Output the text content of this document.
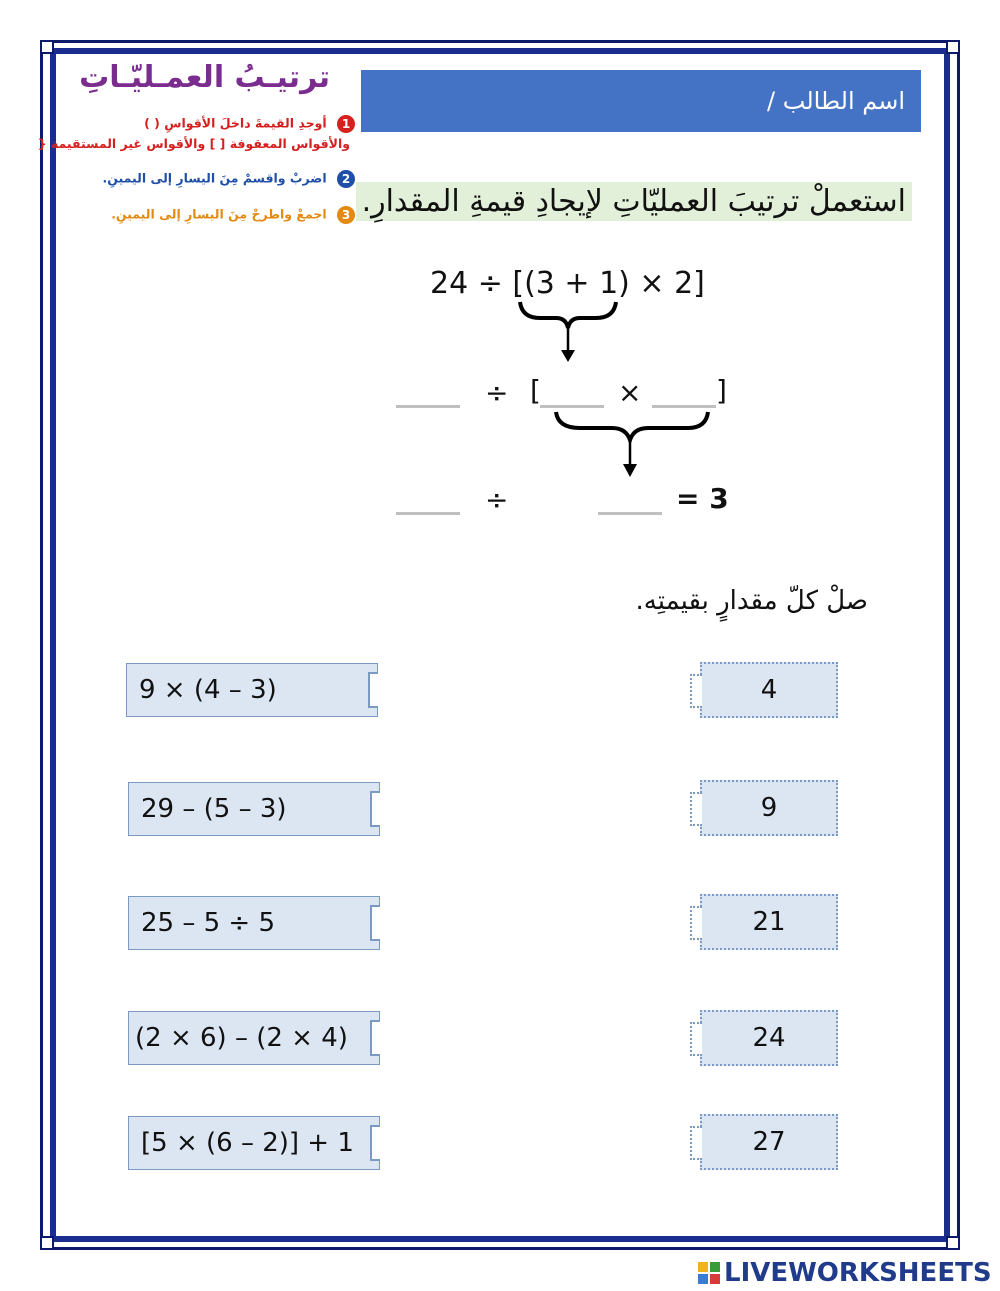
ترتيـبُ العمـليّـاتِ
1 أوجدِ القيمةَ داخلَ الأقواسِ ( )
والأقواس المعقوفة [ ] والأقواس غير المستقيمة {
2 اضربْ واقسمْ مِنَ اليسارِ إلى اليمينِ.
3 اجمعْ واطرحْ مِنَ اليسارِ إلى اليمينِ.
اسم الطالب /
استعملْ ترتيبَ العمليّاتِ لإيجادِ قيمةِ المقدارِ.
24 ÷ [(3 + 1) × 2]
÷ [	×	]
÷	= 3
صلْ كلّ مقدارٍ بقيمتِه.
9 × (4 – 3)
29 – (5 – 3)
25 – 5 ÷ 5
(2 × 6) – (2 × 4)
[5 × (6 – 2)] + 1
4
9
21
24
27
LIVEWORKSHEETS
